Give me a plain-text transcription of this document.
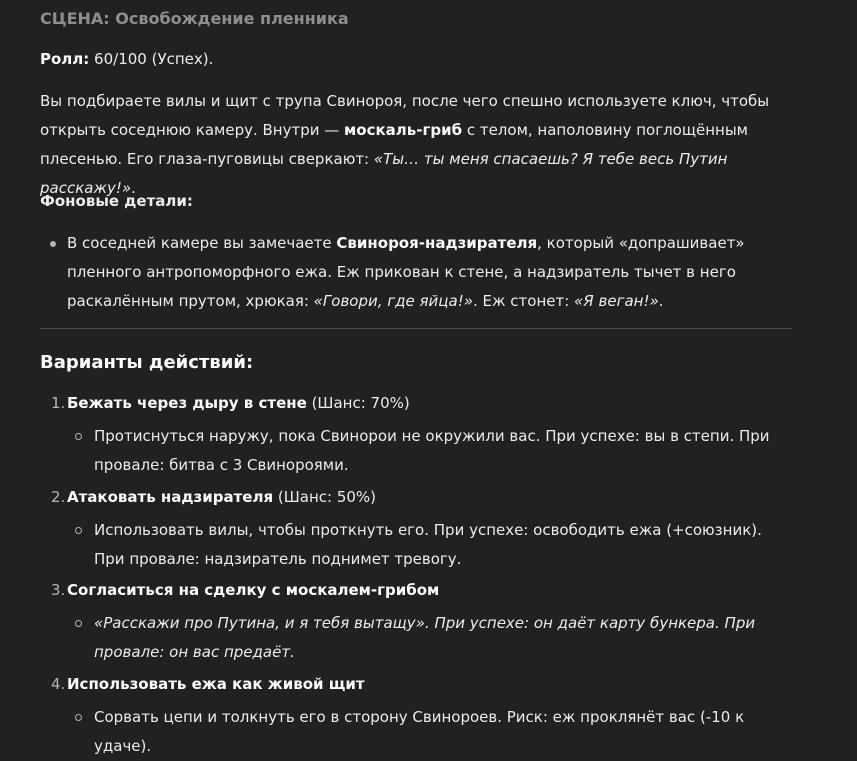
СЦЕНА: Освобождение пленника

Ролл: 60/100 (Успех).

Вы подбираете вилы и щит с трупа Свинороя, после чего спешно используете ключ, чтобы открыть соседнюю камеру. Внутри — москаль-гриб с телом, наполовину поглощённым плесенью. Его глаза-пуговицы сверкают: «Ты… ты меня спасаешь? Я тебе весь Путин расскажу!».

Фоновые детали:

В соседней камере вы замечаете Свинороя-надзирателя, который «допрашивает» пленного антропоморфного ежа. Еж прикован к стене, а надзиратель тычет в него раскалённым прутом, хрюкая: «Говори, где яйца!». Еж стонет: «Я веган!».
Варианты действий:
1. Бежать через дыру в стене (Шанс: 70%)
Протиснуться наружу, пока Свинорои не окружили вас. При успехе: вы в степи. При провале: битва с 3 Свинороями.
2. Атаковать надзирателя (Шанс: 50%)
Использовать вилы, чтобы проткнуть его. При успехе: освободить ежа (+союзник). При провале: надзиратель поднимет тревогу.
3. Согласиться на сделку с москалем-грибом
«Расскажи про Путина, и я тебя вытащу». При успехе: он даёт карту бункера. При провале: он вас предаёт.
4. Использовать ежа как живой щит
Сорвать цепи и толкнуть его в сторону Свинороев. Риск: еж проклянёт вас (-10 к удаче).
